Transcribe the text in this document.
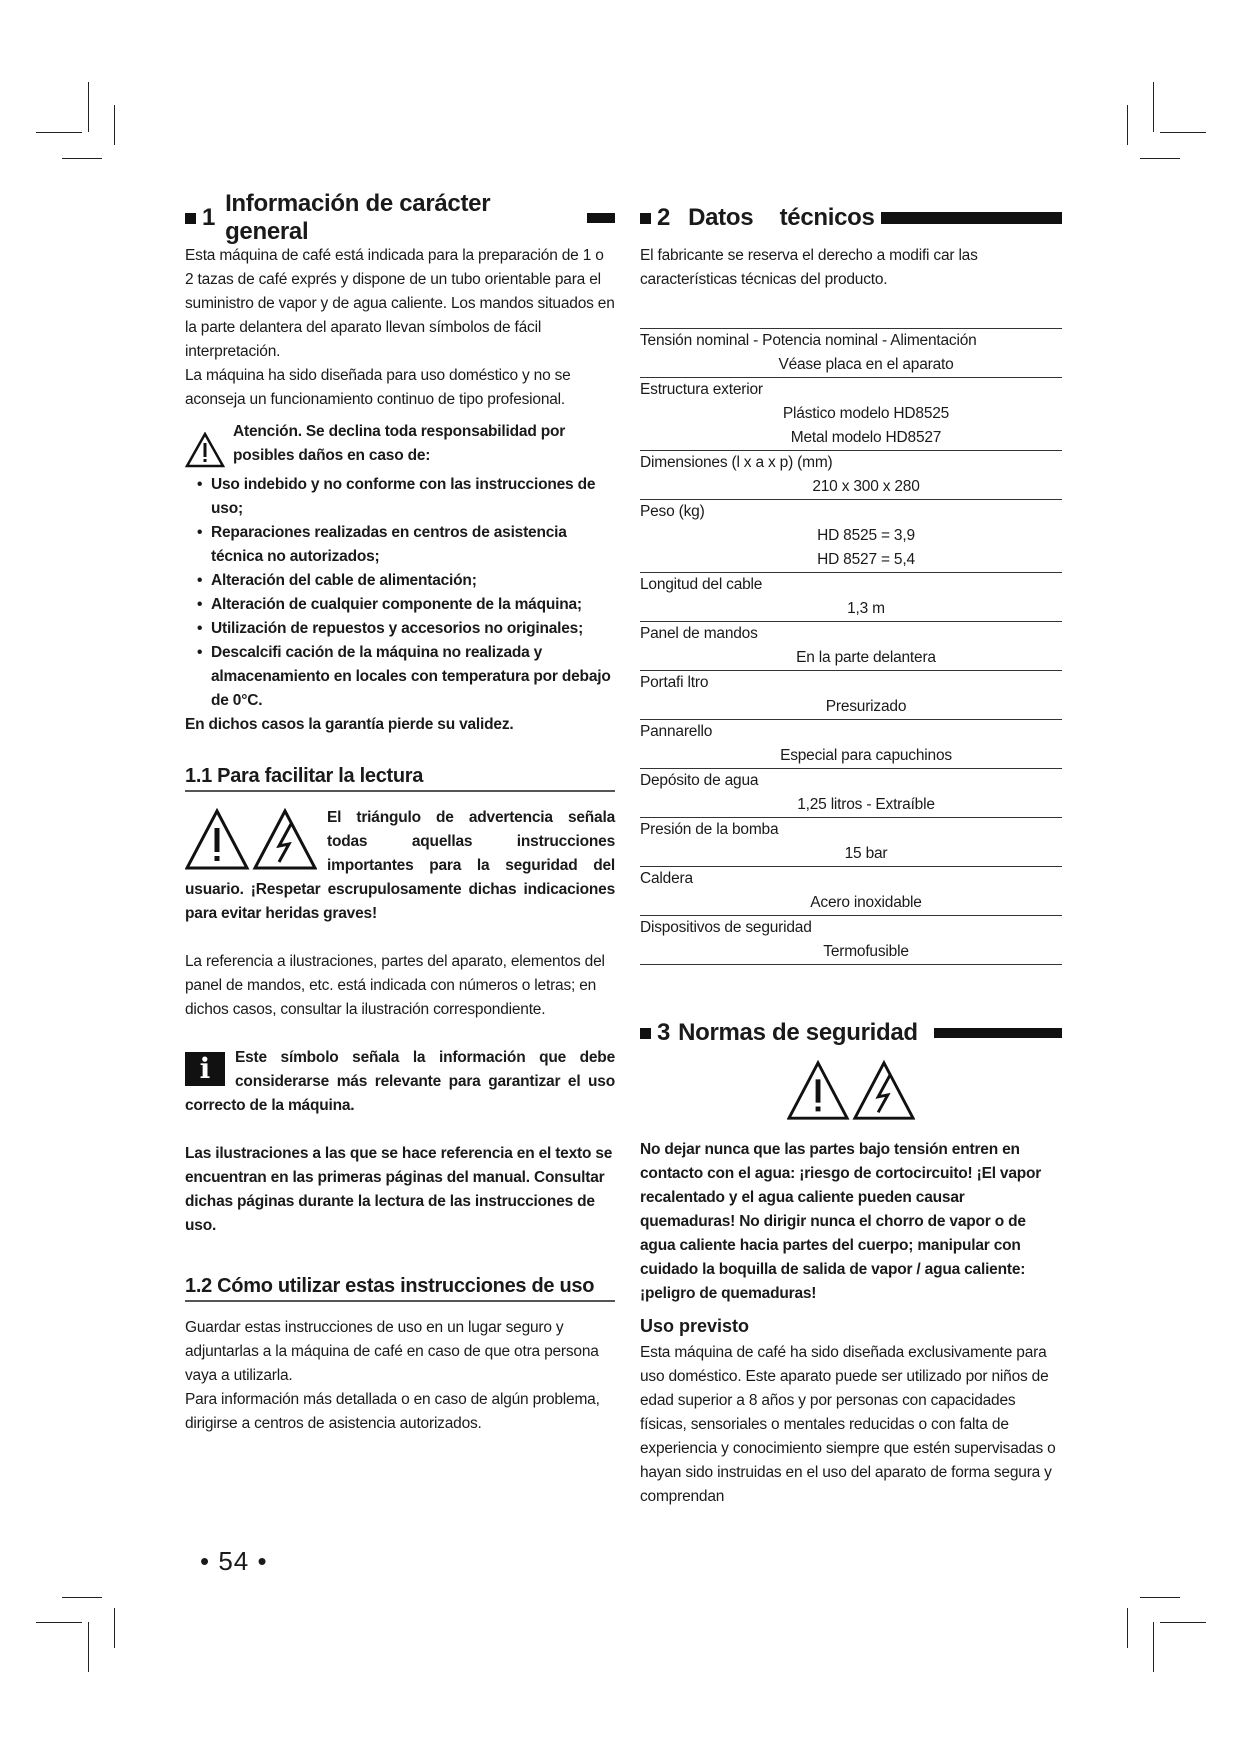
1
Información de carácter general

Esta máquina de café está indicada para la preparación de 1 o 2 tazas de café exprés y dispone de un tubo orientable para el suministro de vapor y de agua caliente. Los mandos situados en la parte delantera del aparato llevan símbolos de fácil interpretación.

La máquina ha sido diseñada para uso doméstico y no se aconseja un funcionamiento continuo de tipo profesional.

Atención. Se declina toda responsabilidad por posibles daños en caso de:

• Uso indebido y no conforme con las instrucciones de uso;
• Reparaciones realizadas en centros de asistencia técnica no autorizados;
• Alteración del cable de alimentación;
• Alteración de cualquier componente de la máquina;
• Utilización de repuestos y accesorios no originales;
• Descalcifi cación de la máquina no realizada y almacenamiento en locales con temperatura por debajo de 0°C.

En dichos casos la garantía pierde su validez.

1.1 Para facilitar la lectura

El triángulo de advertencia señala todas aquellas instrucciones importantes para la seguridad del usuario. ¡Respetar escrupulosamente dichas indicaciones para evitar heridas graves!

La referencia a ilustraciones, partes del aparato, elementos del panel de mandos, etc. está indicada con números o letras; en dichos casos, consultar la ilustración correspondiente.

i	Este símbolo señala la información que debe considerarse más relevante para garantizar el uso correcto de la máquina.

Las ilustraciones a las que se hace referencia en el texto se encuentran en las primeras páginas del manual. Consultar dichas páginas durante la lectura de las instrucciones de uso.

1.2 Cómo utilizar estas instrucciones de uso

Guardar estas instrucciones de uso en un lugar seguro y adjuntarlas a la máquina de café en caso de que otra persona vaya a utilizarla.

Para información más detallada o en caso de algún problema, dirigirse a centros de asistencia autorizados.

2 Datos técnicos

El fabricante se reserva el derecho a modifi car las características técnicas del producto.

Tensión nominal - Potencia nominal - Alimentación

Véase placa en el aparato

Estructura exterior

Plástico modelo HD8525

Metal modelo HD8527

Dimensiones (l x a x p) (mm)

210 x 300 x 280

Peso (kg)

HD 8525 = 3,9

HD 8527 = 5,4

Longitud del cable

1,3 m

Panel de mandos

En la parte delantera

Portafi ltro

Presurizado

Pannarello

Especial para capuchinos

Depósito de agua

1,25 litros - Extraíble

Presión de la bomba

15 bar

Caldera

Acero inoxidable

Dispositivos de seguridad

Termofusible

3 Normas de seguridad

No dejar nunca que las partes bajo tensión entren en contacto con el agua: ¡riesgo de cortocircuito! ¡El vapor recalentado y el agua caliente pueden causar quemaduras! No dirigir nunca el chorro de vapor o de agua caliente hacia partes del cuerpo; manipular con cuidado la boquilla de salida de vapor / agua caliente: ¡peligro de quemaduras!

Uso previsto

Esta máquina de café ha sido diseñada exclusivamente para uso doméstico. Este aparato puede ser utilizado por niños de edad superior a 8 años y por personas con capacidades físicas, sensoriales o mentales reducidas o con falta de experiencia y conocimiento siempre que estén supervisadas o hayan sido instruidas en el uso del aparato de forma segura y comprendan

• 54 •
